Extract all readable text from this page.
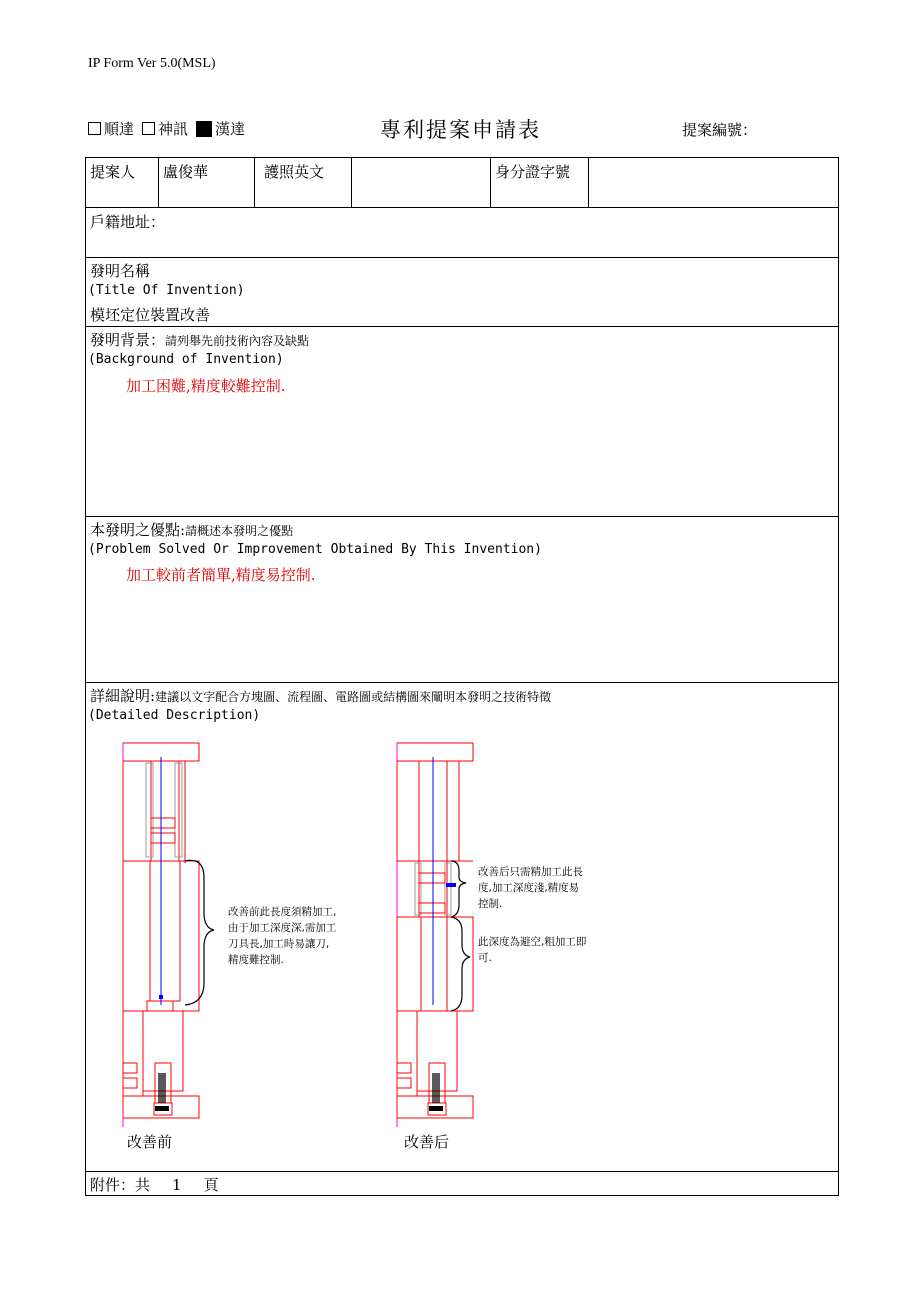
IP Form Ver 5.0(MSL)
順達 神訊 漢達	專利提案申請表	提案編號：
提案人 盧俊華	護照英文	身分證字號
戶籍地址：
發明名稱
(Title Of Invention)
模坯定位裝置改善
發明背景：請列舉先前技術內容及缺點
(Background of Invention)
加工困難,精度較難控制.
本發明之優點:請概述本發明之優點
(Problem Solved Or Improvement Obtained By This Invention)
加工較前者簡單,精度易控制.
詳細說明:建議以文字配合方塊圖、流程圖、電路圖或結構圖來闡明本發明之技術特徵
(Detailed Description)
改善前此長度須精加工,
由于加工深度深,需加工
刀具長,加工時易讓刀,
精度難控制.
改善后只需精加工此長
度,加工深度淺,精度易
控制.
此深度為避空,粗加工即
可.
改善前	改善后
附件：共 1 頁
